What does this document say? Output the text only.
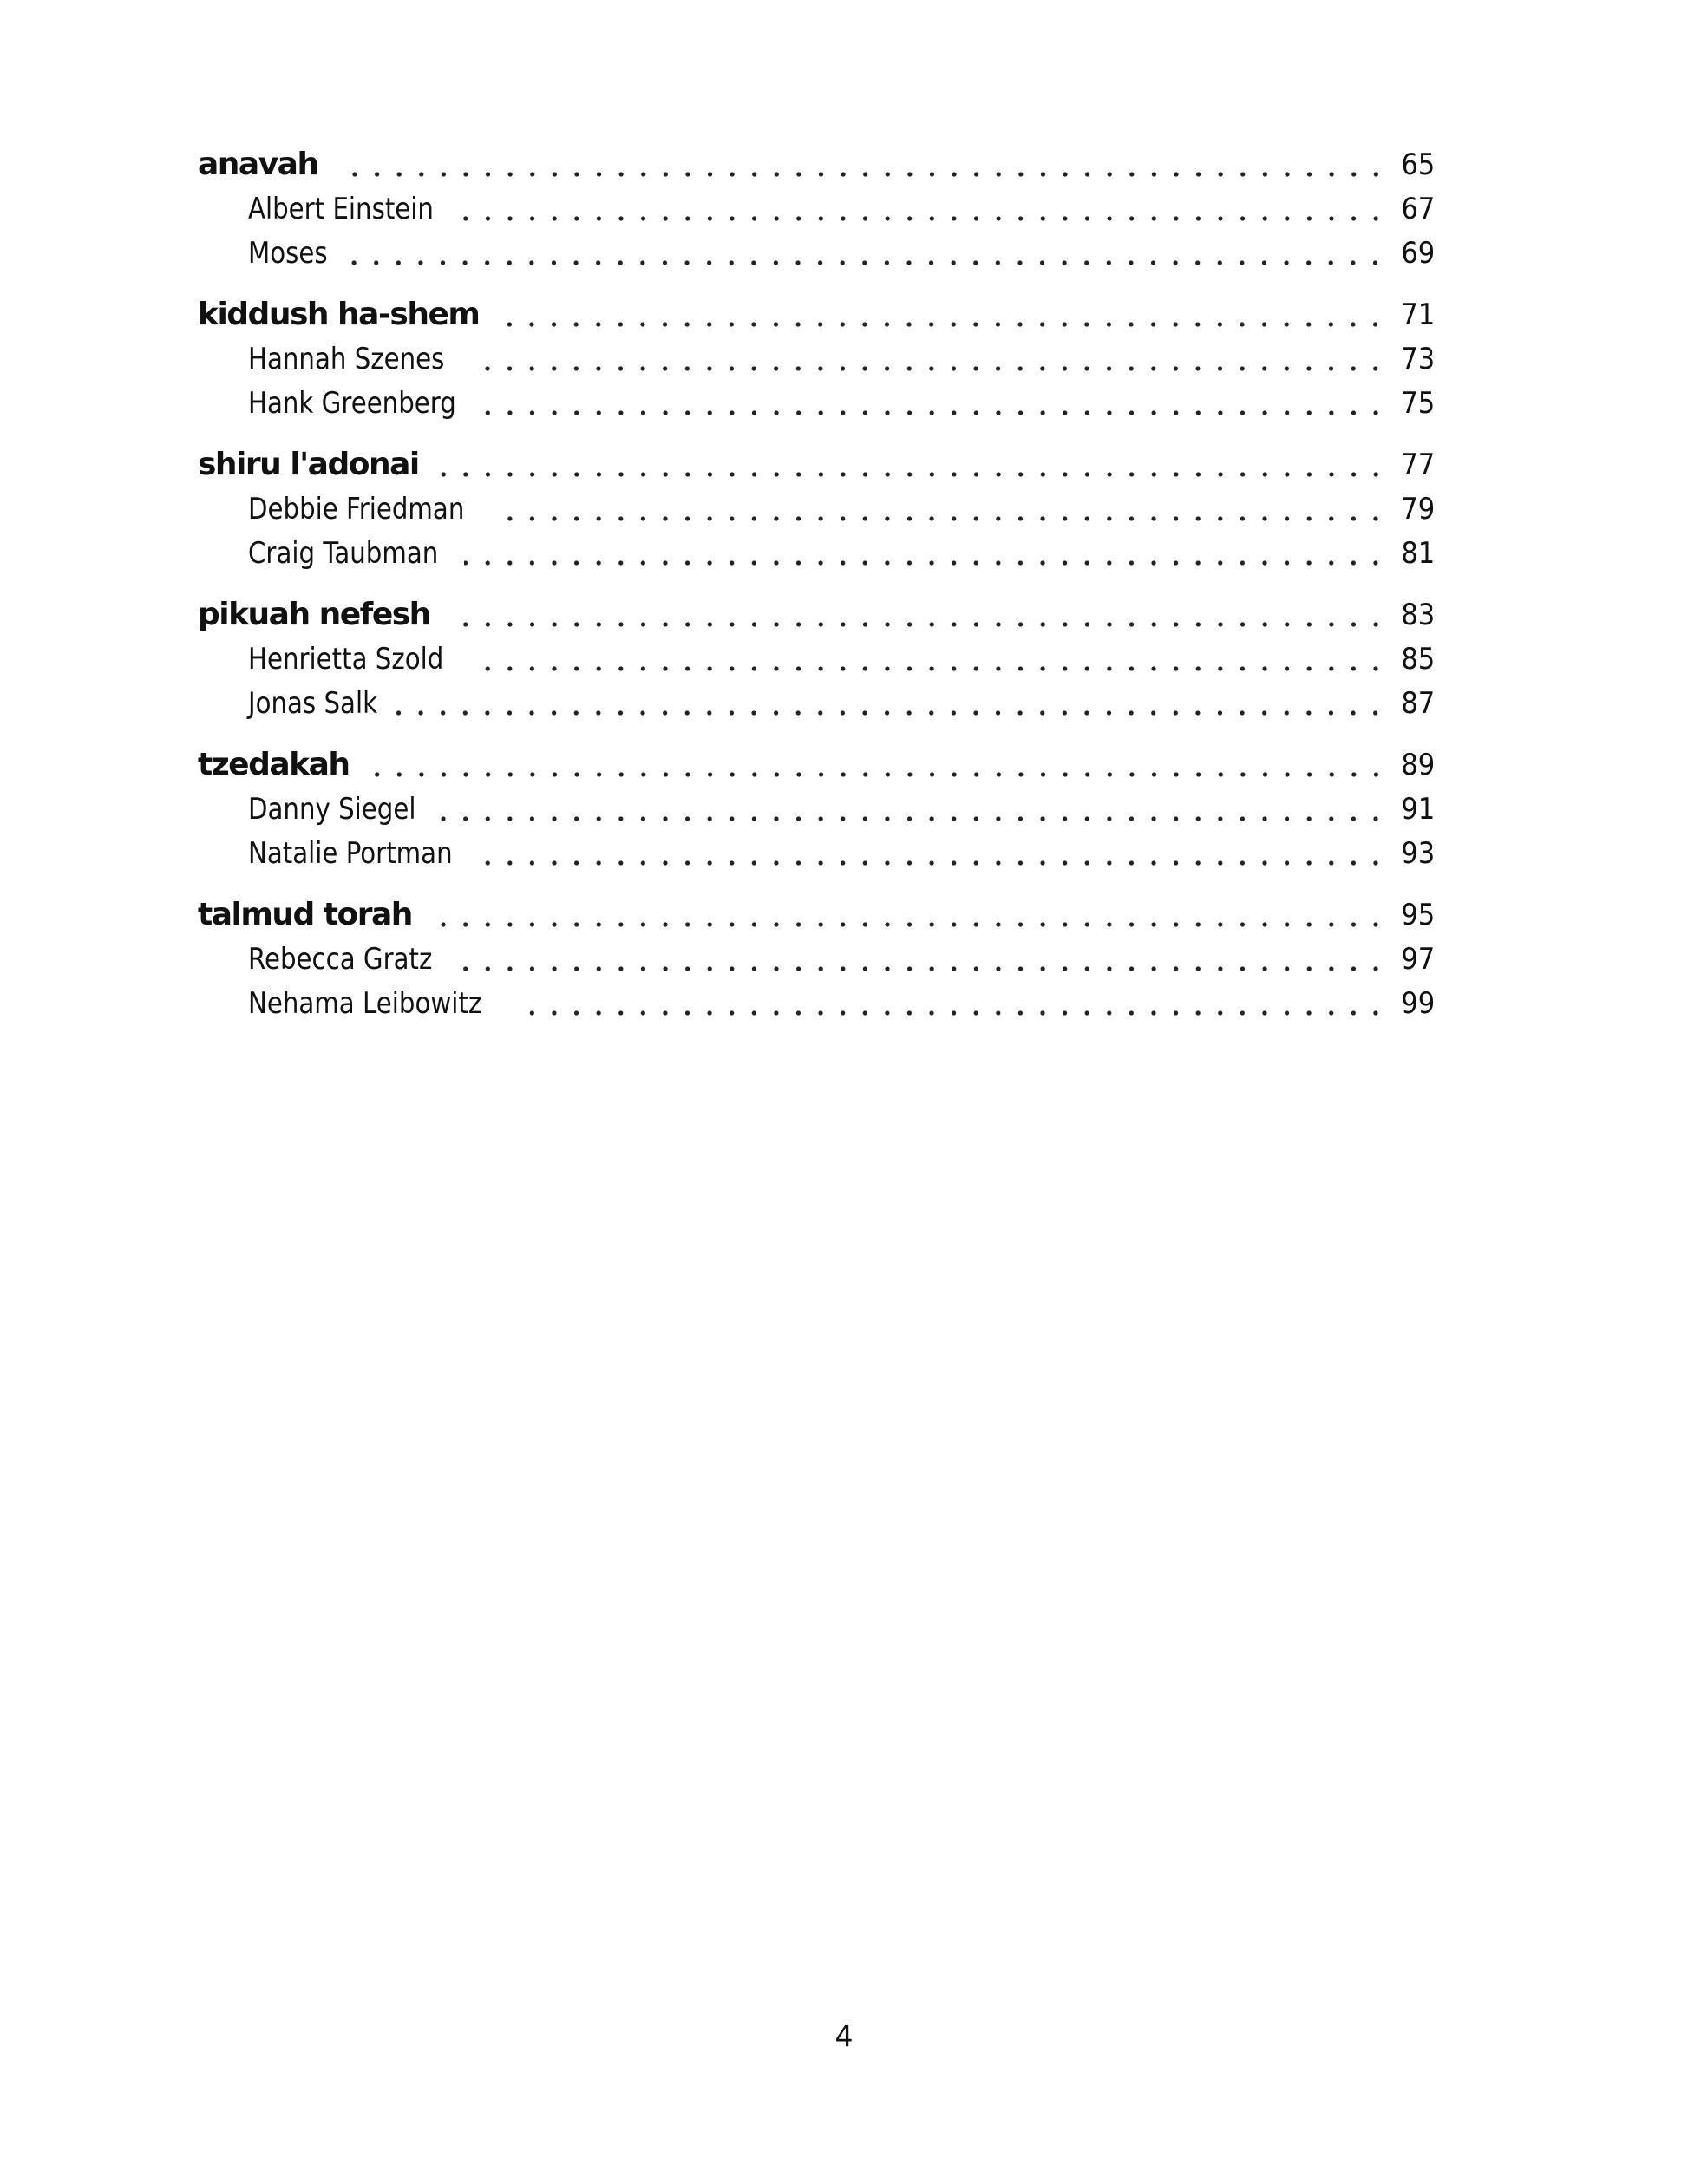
anavah	65
Albert Einstein	67
Moses	69
kiddush ha-shem	71
Hannah Szenes	73
Hank Greenberg	75
shiru l'adonai	77
Debbie Friedman	79
Craig Taubman	81
pikuah nefesh	83
Henrietta Szold	85
Jonas Salk	87
tzedakah	89
Danny Siegel	91
Natalie Portman	93
talmud torah	95
Rebecca Gratz	97
Nehama Leibowitz	99
4
